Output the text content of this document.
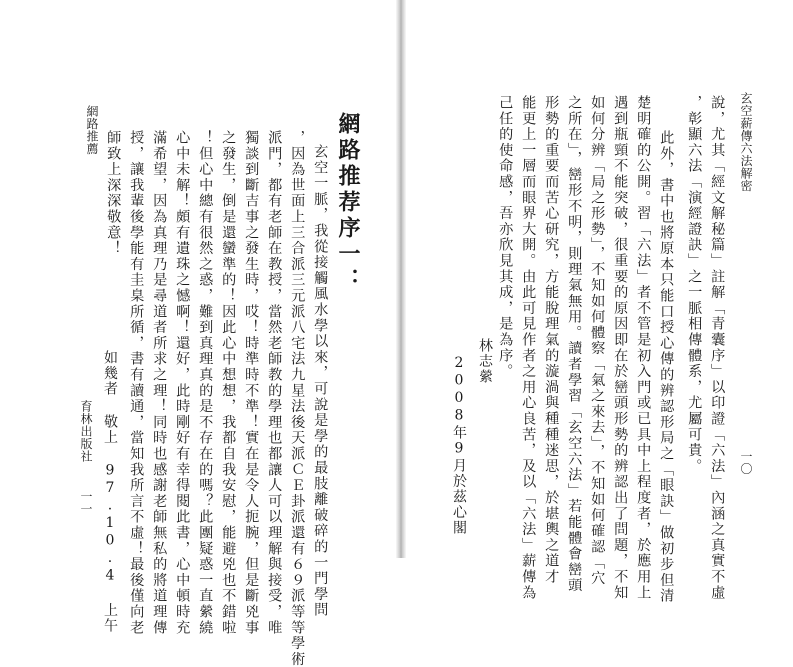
網路推薦	網路推荐序一：
玄空一脈，我從接觸風水學以來，可說是學的最肢離破碎的一門學問
，因為世面上三合派三元派八宅法九星法後天派ＣＥ卦派還有６９派等等學術
派門，都有老師在教授，當然老師教的學理也都讓人可以理解與接受，唯
獨談到斷吉事之發生時，哎！時準時不準！實在是令人扼腕，但是斷兇事
之發生，倒是還蠻準的！因此心中想想，我都自我安慰，能避兇也不錯啦
！但心中總有很然之惑，難到真理真的是不存在的嗎？此團疑惑一直縈繞
心中未解！頗有遺珠之憾啊！還好，此時剛好有幸得閱此書，心中頓時充
滿希望，因為真理乃是尋道者所求之理！同時也感謝老師無私的將道理傳
授，讓我輩後學能有圭臬所循，書有讀通，當知我所言不虛！最後僅向老
師致上深深敬意！
如幾者 敬上 97.10.4 上午
育林出版社
一一
玄空薪傳六法解密
一〇
說，尤其「經文解秘篇」註解「青囊序」以印證「六法」內涵之真實不虛
，彰顯六法「演經證訣」之一脈相傳體系，尤屬可貴。
此外，書中也將原本只能口授心傳的辨認形局之「眼訣」做初步但清
楚明確的公開。習「六法」者不管是初入門或已具中上程度者，於應用上
遇到瓶頸不能突破，很重要的原因即在於巒頭形勢的辨認出了問題，不知
如何分辨「局之形勢」，不知如何體察「氣之來去」，不知如何確認「穴
之所在」，巒形不明，則理氣無用。讀者學習「玄空六法」若能體會巒頭
形勢的重要而苦心研究，方能脫理氣的漩渦與種種迷思，於堪輿之道才
能更上一層而眼界大開。由此可見作者之用心良苦，及以「六法」薪傳為
己任的使命感，吾亦欣見其成，是為序。
林志縈
2008年9月於茲心閣
